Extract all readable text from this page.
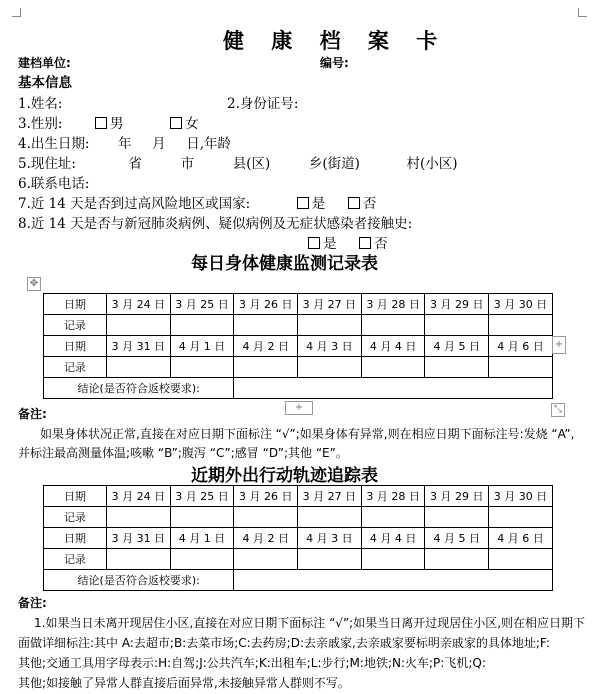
健 康 档 案 卡
建档单位:	编号:
基本信息
1.姓名:	2.身份证号:
3.性别:	男	女
4.出生日期: 年 月 日,年龄
5.现住址:	省	市	县(区)	乡(街道)	村(小区)
6.联系电话:
7.近 14 天是否到过高风险地区或国家:	是	否
8.近 14 天是否与新冠肺炎病例、疑似病例及无症状感染者接触史:
是	否
每日身体健康监测记录表
✥
日期	3 月 24 日	3 月 25 日	3 月 26 日	3 月 27 日	3 月 28 日	3 月 29 日	3 月 30 日
记录							
日期	3 月 31 日	4 月 1 日	4 月 2 日	4 月 3 日	4 月 4 日	4 月 5 日	4 月 6 日
记录							
结论(是否符合返校要求):							
+
+	⤡
备注:
如果身体状况正常,直接在对应日期下面标注 “√”;如果身体有异常,则在相应日期下面标注号:发烧 “A”,
并标注最高测量体温;咳嗽 “B”;腹泻 “C”;感冒 “D”;其他 “E”。
近期外出行动轨迹追踪表
日期	3 月 24 日	3 月 25 日	3 月 26 日	3 月 27 日	3 月 28 日	3 月 29 日	3 月 30 日
记录							
日期	3 月 31 日	4 月 1 日	4 月 2 日	4 月 3 日	4 月 4 日	4 月 5 日	4 月 6 日
记录							
结论(是否符合返校要求):							
备注:
1.如果当日未离开现居住小区,直接在对应日期下面标注 “√”;如果当日离开过现居住小区,则在相应日期下
面做详细标注:其中 A:去超市;B:去菜市场;C:去药房;D:去亲戚家,去亲戚家要标明亲戚家的具体地址;F:
其他;交通工具用字母表示:H:自驾;J:公共汽车;K:出租车;L:步行;M:地铁;N:火车;P:飞机;Q:
其他;如接触了异常人群直接后面异常,未接触异常人群则不写。
